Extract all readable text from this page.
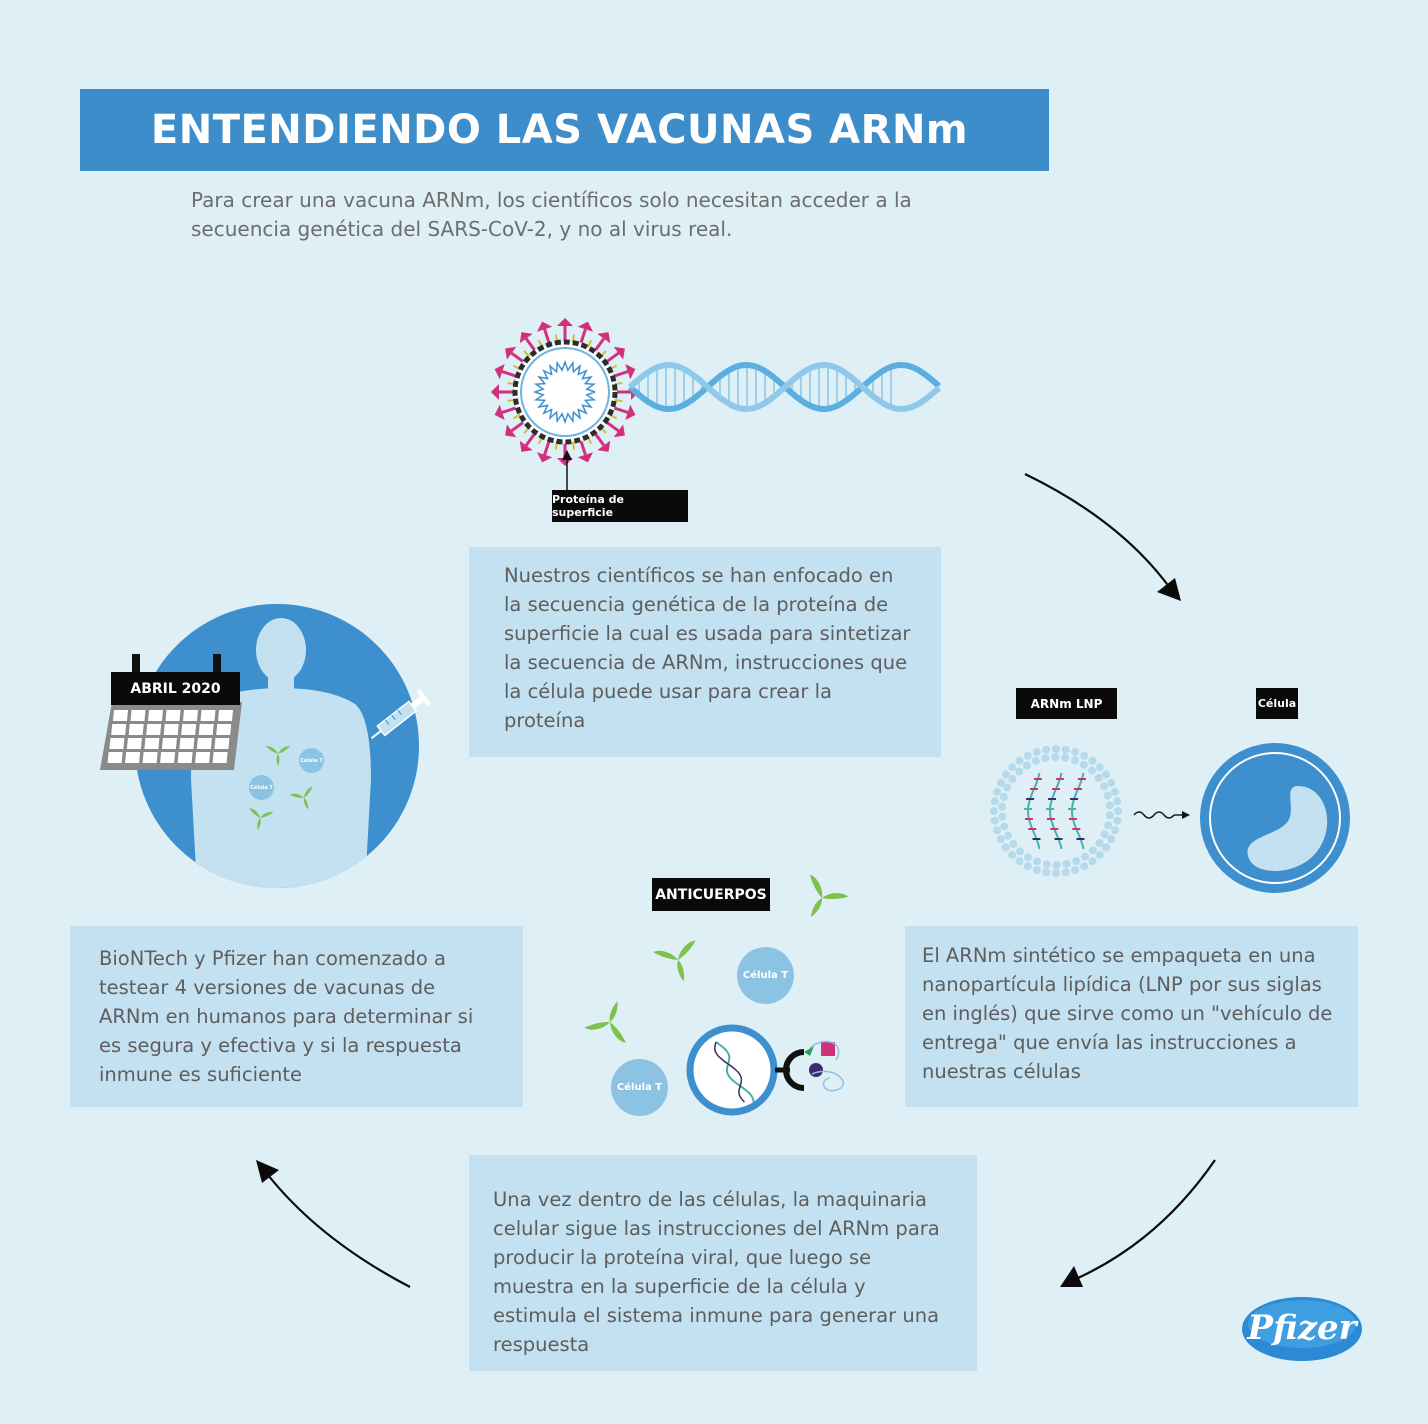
ENTENDIENDO LAS VACUNAS ARNm
Para crear una vacuna ARNm, los científicos solo necesitan acceder a la secuencia genética del SARS-CoV-2, y no al virus real.
Proteína de superficie
Nuestros científicos se han enfocado en la secuencia genética de la proteína de superficie la cual es usada para sintetizar la secuencia de ARNm, instrucciones que la célula puede usar para crear la proteína
ARNm LNP	Célula
El ARNm sintético se empaqueta en una nanopartícula lipídica (LNP por sus siglas en inglés) que sirve como un "vehículo de entrega" que envía las instrucciones a nuestras células
Célula T
Célula T
ABRIL 2020
BioNTech y Pfizer han comenzado a testear 4 versiones de vacunas de ARNm en humanos para determinar si es segura y efectiva y si la respuesta inmune es suficiente
ANTICUERPOS
Célula T
Célula T
Una vez dentro de las células, la maquinaria celular sigue las instrucciones del ARNm para producir la proteína viral, que luego se muestra en la superficie de la célula y estimula el sistema inmune para generar una respuesta	Pfizer
